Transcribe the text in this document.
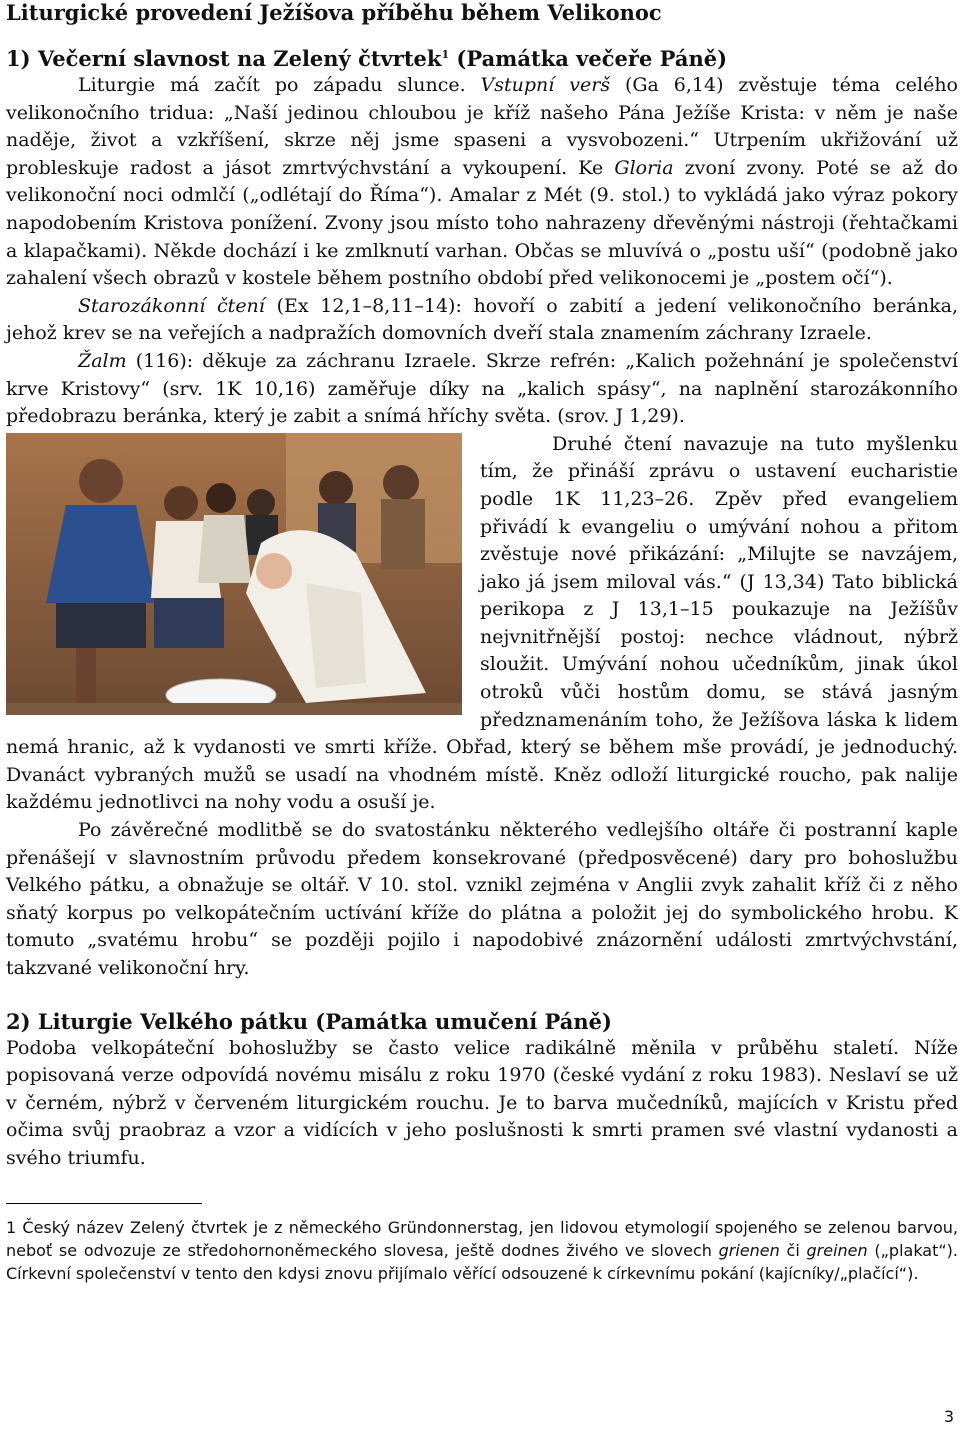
Liturgické provedení Ježíšova příběhu během Velikonoc

1) Večerní slavnost na Zelený čtvrtek$^1$ (Památka večeře Páně)

Liturgie má začít po západu slunce. Vstupní verš (Ga 6,14) zvěstuje téma celého velikonočního tridua: „Naší jedinou chloubou je kříž našeho Pána Ježíše Krista: v něm je naše naděje, život a vzkříšení, skrze něj jsme spaseni a vysvobozeni.“ Utrpením ukřižování už probleskuje radost a jásot zmrtvýchvstání a vykoupení. Ke Gloria zvoní zvony. Poté se až do velikonoční noci odmlčí („odlétají do Říma“). Amalar z Mét (9. stol.) to vykládá jako výraz pokory napodobením Kristova ponížení. Zvony jsou místo toho nahrazeny dřevěnými nástroji (řehtačkami a klapačkami). Někde dochází i ke zmlknutí varhan. Občas se mluvívá o „postu uší“ (podobně jako zahalení všech obrazů v kostele během postního období před velikonocemi je „postem očí“).

Starozákonní čtení (Ex 12,1–8,11–14): hovoří o zabití a jedení velikonočního beránka, jehož krev se na veřejích a nadpražích domovních dveří stala znamením záchrany Izraele.

Žalm (116): děkuje za záchranu Izraele. Skrze refrén: „Kalich požehnání je společenství krve Kristovy“ (srv. 1K 10,16) zaměřuje díky na „kalich spásy“, na naplnění starozákonního předobrazu beránka, který je zabit a snímá hříchy světa. (srov. J 1,29).

Druhé čtení navazuje na tuto myšlenku tím, že přináší zprávu o ustavení eucharistie podle 1K 11,23–26. Zpěv před evangeliem přivádí k evangeliu o umývání nohou a přitom zvěstuje nové přikázání: „Milujte se navzájem, jako já jsem miloval vás.“ (J 13,34) Tato biblická perikopa z J 13,1–15 poukazuje na Ježíšův nejvnitřnější postoj: nechce vládnout, nýbrž sloužit. Umývání nohou učedníkům, jinak úkol otroků vůči hostům domu, se stává jasným předznamenáním toho, že Ježíšova láska k lidem nemá hranic, až k vydanosti ve smrti kříže. Obřad, který se během mše provádí, je jednoduchý. Dvanáct vybraných mužů se usadí na vhodném místě. Kněz odloží liturgické roucho, pak nalije každému jednotlivci na nohy vodu a osuší je.

Po závěrečné modlitbě se do svatostánku některého vedlejšího oltáře či postranní kaple přenášejí v slavnostním průvodu předem konsekrované (předposvěcené) dary pro bohoslužbu Velkého pátku, a obnažuje se oltář. V 10. stol. vznikl zejména v Anglii zvyk zahalit kříž či z něho sňatý korpus po velkopátečním uctívání kříže do plátna a položit jej do symbolického hrobu. K tomuto „svatému hrobu“ se později pojilo i napodobivé znázornění události zmrtvýchvstání, takzvané velikonoční hry.

2) Liturgie Velkého pátku (Památka umučení Páně)

Podoba velkopáteční bohoslužby se často velice radikálně měnila v průběhu staletí. Níže popisovaná verze odpovídá novému misálu z roku 1970 (české vydání z roku 1983). Neslaví se už v černém, nýbrž v červeném liturgickém rouchu. Je to barva mučedníků, majících v Kristu před očima svůj praobraz a vzor a vidících v jeho poslušnosti k smrti pramen své vlastní vydanosti a svého triumfu.

1 Český název Zelený čtvrtek je z německého Gründonnerstag, jen lidovou etymologií spojeného se zelenou barvou, neboť se odvozuje ze středohornoněmeckého slovesa, ještě dodnes živého ve slovech grienen či greinen („plakat“). Církevní společenství v tento den kdysi znovu přijímalo věřící odsouzené k církevnímu pokání (kajícníky/„plačící“).

3
